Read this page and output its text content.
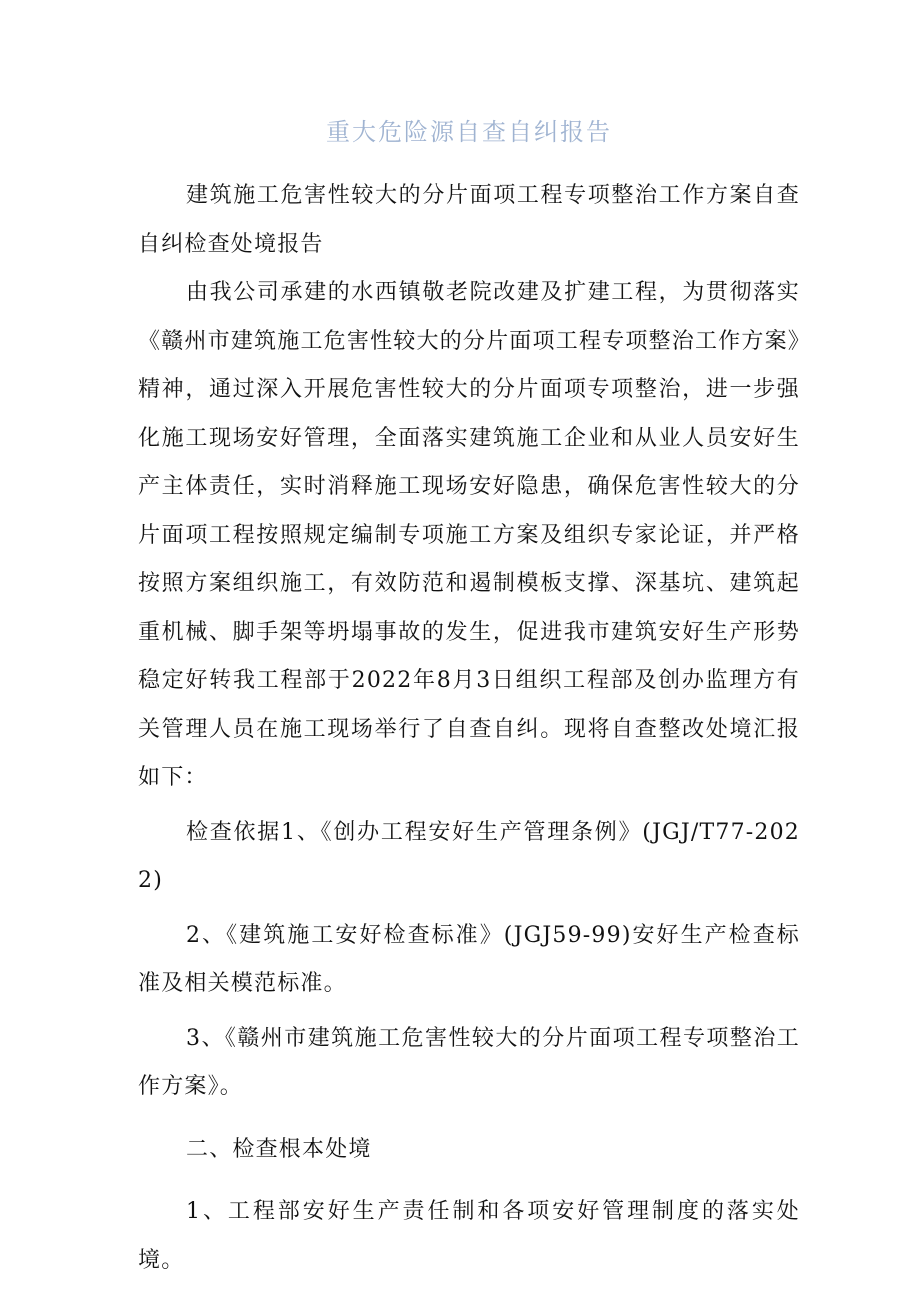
重大危险源自查自纠报告

建筑施工危害性较大的分片面项工程专项整治工作方案自查自纠检查处境报告

由我公司承建的水西镇敬老院改建及扩建工程，为贯彻落实《赣州市建筑施工危害性较大的分片面项工程专项整治工作方案》精神，通过深入开展危害性较大的分片面项专项整治，进一步强化施工现场安好管理，全面落实建筑施工企业和从业人员安好生产主体责任，实时消释施工现场安好隐患，确保危害性较大的分片面项工程按照规定编制专项施工方案及组织专家论证，并严格按照方案组织施工，有效防范和遏制模板支撑、深基坑、建筑起重机械、脚手架等坍塌事故的发生，促进我市建筑安好生产形势稳定好转我工程部于2022年8月3日组织工程部及创办监理方有关管理人员在施工现场举行了自查自纠。现将自查整改处境汇报如下：

检查依据1、《创办工程安好生产管理条例》(JGJ/T77-2022)

2、《建筑施工安好检查标准》(JGJ59-99)安好生产检查标准及相关模范标准。

3、《赣州市建筑施工危害性较大的分片面项工程专项整治工作方案》。

二、检查根本处境

1、工程部安好生产责任制和各项安好管理制度的落实处境。
